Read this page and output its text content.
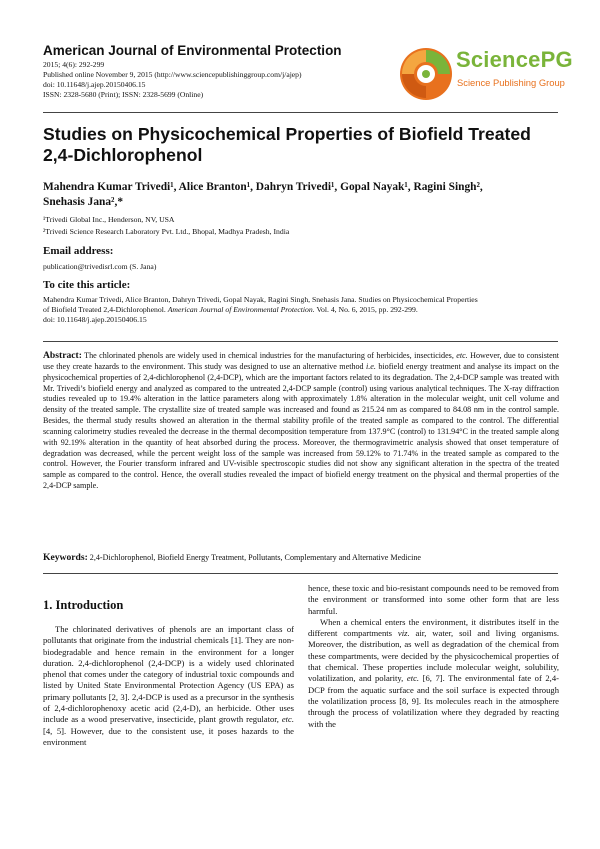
American Journal of Environmental Protection
2015; 4(6): 292-299
Published online November 9, 2015 (http://www.sciencepublishinggroup.com/j/ajep)
doi: 10.11648/j.ajep.20150406.15
ISSN: 2328-5680 (Print); ISSN: 2328-5699 (Online)
SciencePG
Science Publishing Group
Studies on Physicochemical Properties of Biofield Treated
2,4-Dichlorophenol
Mahendra Kumar Trivedi¹, Alice Branton¹, Dahryn Trivedi¹, Gopal Nayak¹, Ragini Singh²,
Snehasis Jana²,*
¹Trivedi Global Inc., Henderson, NV, USA
²Trivedi Science Research Laboratory Pvt. Ltd., Bhopal, Madhya Pradesh, India
Email address:
publication@trivedisrl.com (S. Jana)
To cite this article:
Mahendra Kumar Trivedi, Alice Branton, Dahryn Trivedi, Gopal Nayak, Ragini Singh, Snehasis Jana. Studies on Physicochemical Properties
of Biofield Treated 2,4-Dichlorophenol. American Journal of Environmental Protection. Vol. 4, No. 6, 2015, pp. 292-299.
doi: 10.11648/j.ajep.20150406.15
Abstract: The chlorinated phenols are widely used in chemical industries for the manufacturing of herbicides, insecticides, etc. However, due to consistent use they create hazards to the environment. This study was designed to use an alternative method i.e. biofield energy treatment and analyse its impact on the physicochemical properties of 2,4-dichlorophenol (2,4-DCP), which are the important factors related to its degradation. The 2,4-DCP sample was treated with Mr. Trivedi’s biofield energy and analyzed as compared to the untreated 2,4-DCP sample (control) using various analytical techniques. The X-ray diffraction studies revealed up to 19.4% alteration in the lattice parameters along with approximately 1.8% alteration in the molecular weight, unit cell volume and density of the treated sample. The crystallite size of treated sample was increased and found as 215.24 nm as compared to 84.08 nm in the control sample. Besides, the thermal study results showed an alteration in the thermal stability profile of the treated sample as compared to the control. The differential scanning calorimetry studies revealed the decrease in the thermal decomposition temperature from 137.9°C (control) to 131.94°C in the treated sample along with 92.19% alteration in the quantity of heat absorbed during the process. Moreover, the thermogravimetric analysis showed that onset temperature of degradation was decreased, while the percent weight loss of the sample was increased from 59.12% to 71.74% in the treated sample as compared to the control. However, the Fourier transform infrared and UV-visible spectroscopic studies did not show any significant alteration in the spectra of the treated sample as compared to the control. Hence, the overall studies revealed the impact of biofield energy treatment on the physical and thermal properties of the 2,4-DCP sample.
Keywords: 2,4-Dichlorophenol, Biofield Energy Treatment, Pollutants, Complementary and Alternative Medicine
1. Introduction

The chlorinated derivatives of phenols are an important class of pollutants that originate from the industrial chemicals [1]. They are non-biodegradable and hence remain in the environment for a longer duration. 2,4-dichlorophenol (2,4-DCP) is a widely used chlorinated phenol that comes under the category of industrial toxic compounds and listed by United State Environmental Protection Agency (US EPA) as primary pollutants [2, 3]. 2,4-DCP is used as a precursor in the synthesis of 2,4-dichlorophenoxy acetic acid (2,4-D), an herbicide. Other uses include as a wood preservative, insecticide, plant growth regulator, etc. [4, 5]. However, due to the consistent use, it poses hazards to the environment

hence, these toxic and bio-resistant compounds need to be removed from the environment or transformed into some other form that are less harmful.

When a chemical enters the environment, it distributes itself in the different compartments viz. air, water, soil and living organisms. Moreover, the distribution, as well as degradation of the chemical from these compartments, were decided by the physicochemical properties of that chemical. These properties include molecular weight, solubility, volatilization, and polarity, etc. [6, 7]. The environmental fate of 2,4-DCP from the aquatic surface and the soil surface is expected through the volatilization process [8, 9]. Its molecules reach in the atmosphere through the process of volatilization where they degraded by reacting with the
